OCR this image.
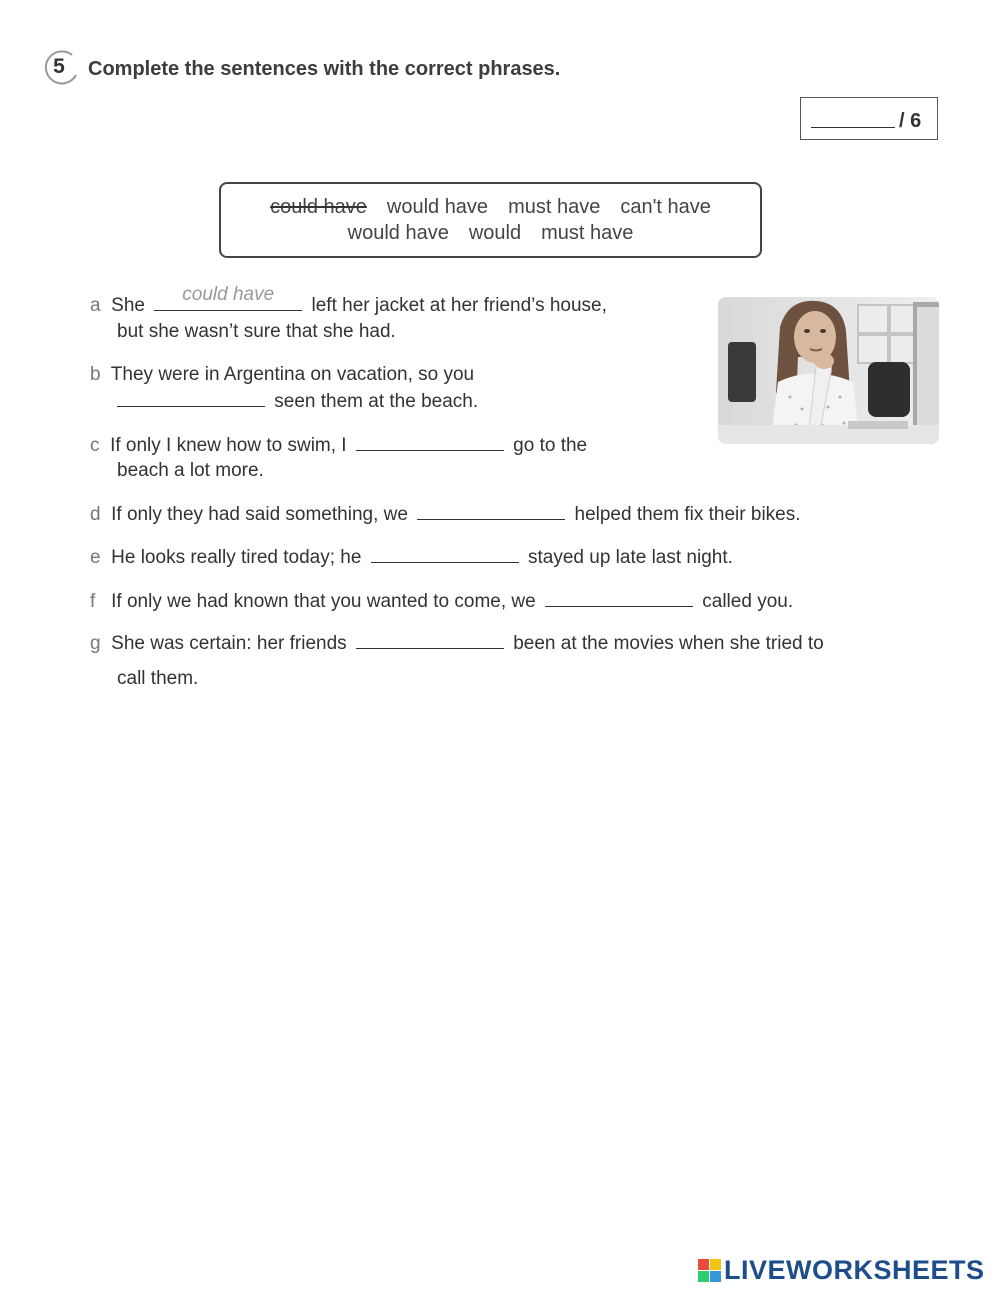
5 Complete the sentences with the correct phrases.
/ 6
could have would have must have can't have
would have would must have
a She
could have
left her jacket at her friend’s house,
but she wasn’t sure that she had.
b They were in Argentina on vacation, so you
seen them at the beach.
c If only I knew how to swim, I	go to the
beach a lot more.
d If only they had said something, we	helped them fix their bikes.
e He looks really tired today; he	stayed up late last night.
f If only we had known that you wanted to come, we	called you.
g She was certain: her friends	been at the movies when she tried to
call them.
LIVEWORKSHEETS
